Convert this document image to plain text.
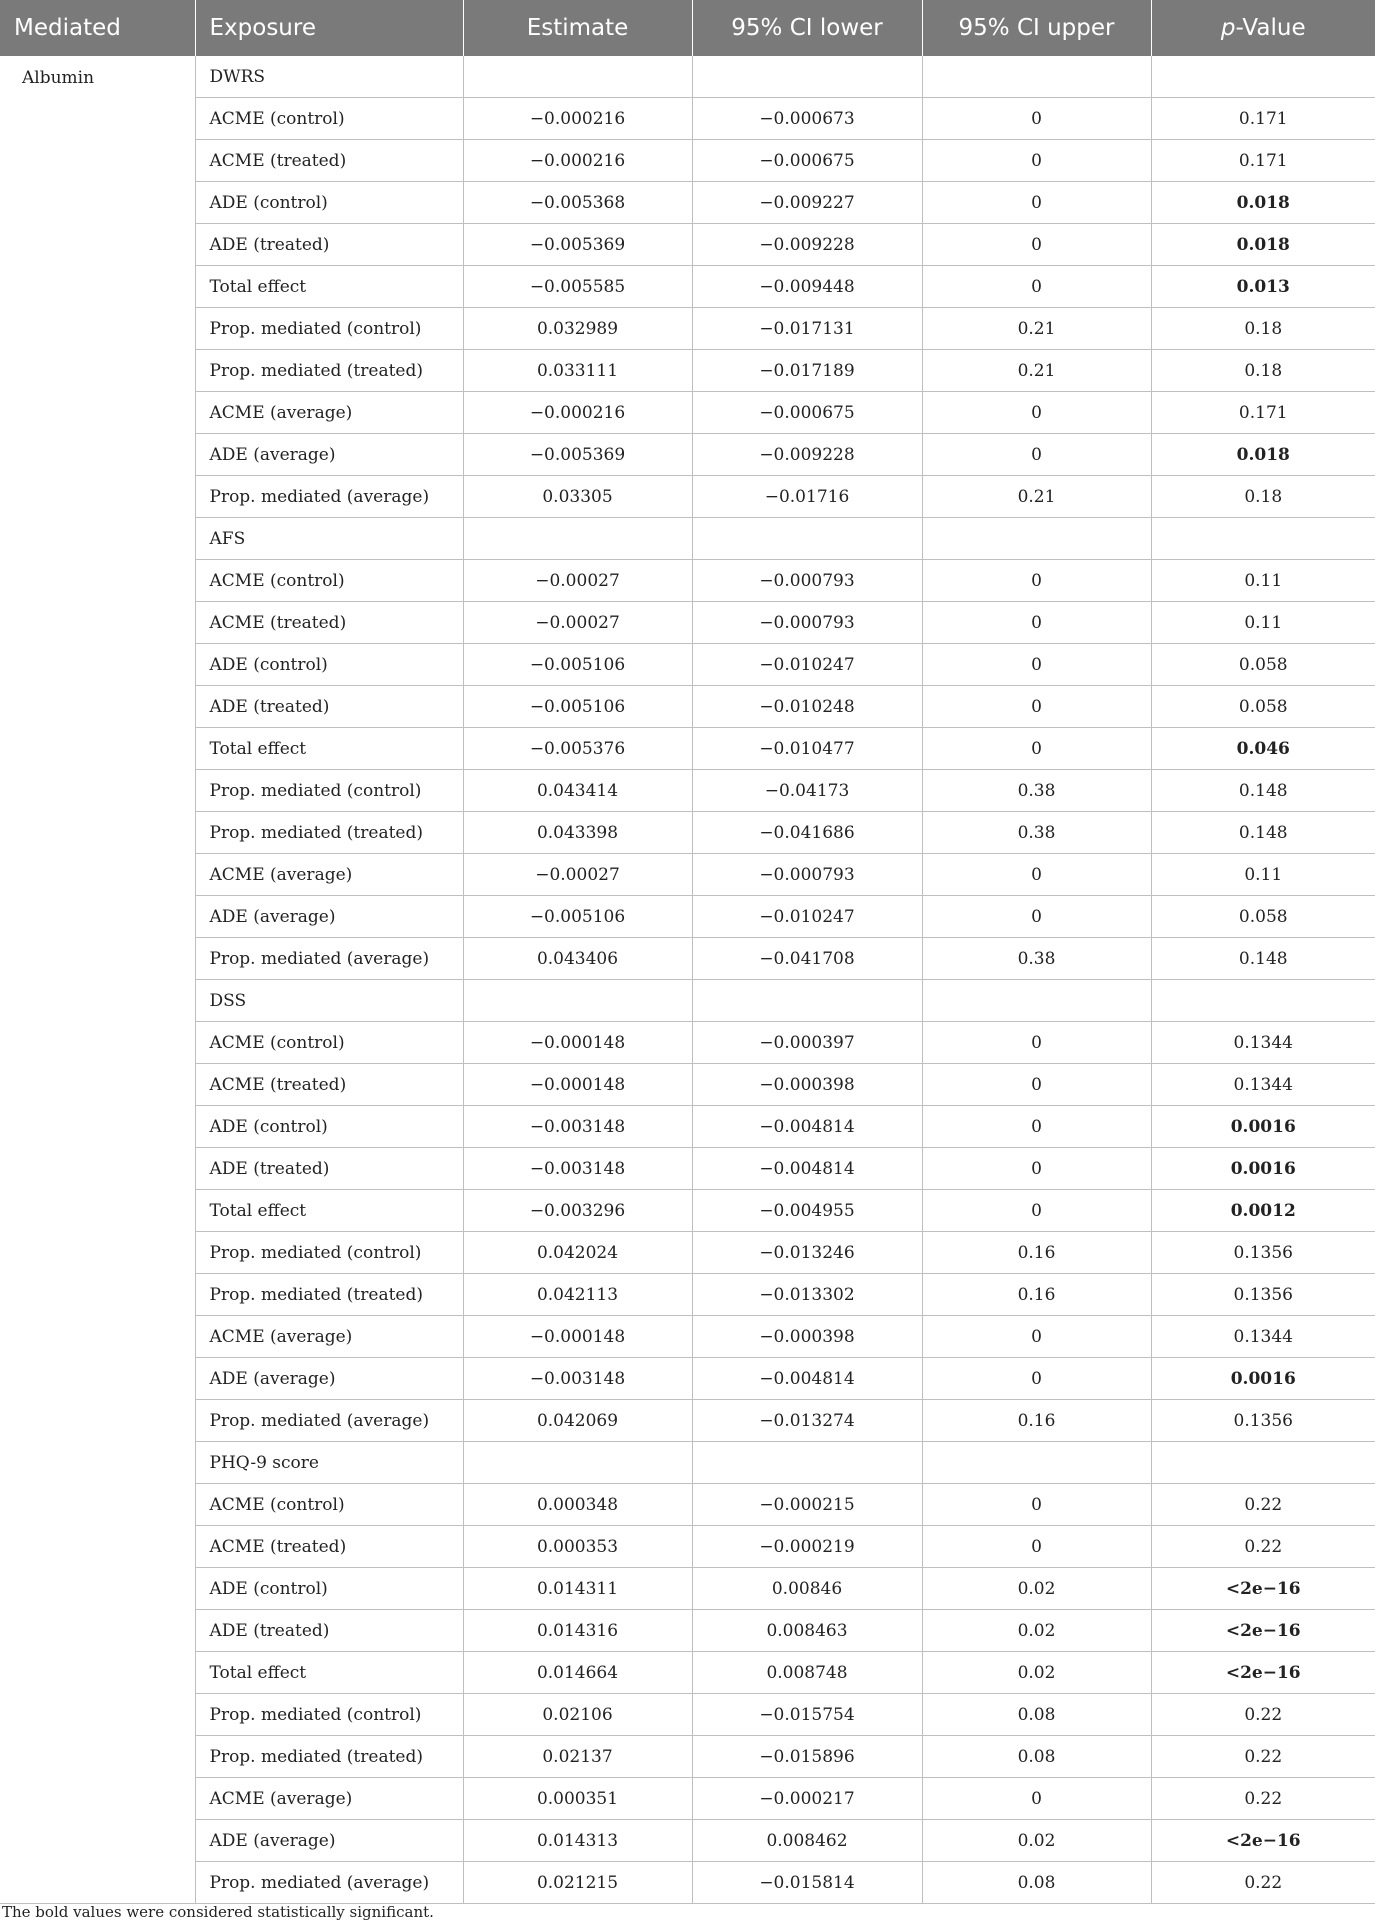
Mediated	Exposure	Estimate	95% CI lower	95% CI upper	p-Value
Albumin	DWRS				
	ACME (control)	−0.000216	−0.000673	0	0.171
	ACME (treated)	−0.000216	−0.000675	0	0.171
	ADE (control)	−0.005368	−0.009227	0	0.018
	ADE (treated)	−0.005369	−0.009228	0	0.018
	Total effect	−0.005585	−0.009448	0	0.013
	Prop. mediated (control)	0.032989	−0.017131	0.21	0.18
	Prop. mediated (treated)	0.033111	−0.017189	0.21	0.18
	ACME (average)	−0.000216	−0.000675	0	0.171
	ADE (average)	−0.005369	−0.009228	0	0.018
	Prop. mediated (average)	0.03305	−0.01716	0.21	0.18
	AFS				
	ACME (control)	−0.00027	−0.000793	0	0.11
	ACME (treated)	−0.00027	−0.000793	0	0.11
	ADE (control)	−0.005106	−0.010247	0	0.058
	ADE (treated)	−0.005106	−0.010248	0	0.058
	Total effect	−0.005376	−0.010477	0	0.046
	Prop. mediated (control)	0.043414	−0.04173	0.38	0.148
	Prop. mediated (treated)	0.043398	−0.041686	0.38	0.148
	ACME (average)	−0.00027	−0.000793	0	0.11
	ADE (average)	−0.005106	−0.010247	0	0.058
	Prop. mediated (average)	0.043406	−0.041708	0.38	0.148
	DSS				
	ACME (control)	−0.000148	−0.000397	0	0.1344
	ACME (treated)	−0.000148	−0.000398	0	0.1344
	ADE (control)	−0.003148	−0.004814	0	0.0016
	ADE (treated)	−0.003148	−0.004814	0	0.0016
	Total effect	−0.003296	−0.004955	0	0.0012
	Prop. mediated (control)	0.042024	−0.013246	0.16	0.1356
	Prop. mediated (treated)	0.042113	−0.013302	0.16	0.1356
	ACME (average)	−0.000148	−0.000398	0	0.1344
	ADE (average)	−0.003148	−0.004814	0	0.0016
	Prop. mediated (average)	0.042069	−0.013274	0.16	0.1356
	PHQ-9 score				
	ACME (control)	0.000348	−0.000215	0	0.22
	ACME (treated)	0.000353	−0.000219	0	0.22
	ADE (control)	0.014311	0.00846	0.02	<2e−16
	ADE (treated)	0.014316	0.008463	0.02	<2e−16
	Total effect	0.014664	0.008748	0.02	<2e−16
	Prop. mediated (control)	0.02106	−0.015754	0.08	0.22
	Prop. mediated (treated)	0.02137	−0.015896	0.08	0.22
	ACME (average)	0.000351	−0.000217	0	0.22
	ADE (average)	0.014313	0.008462	0.02	<2e−16
	Prop. mediated (average)	0.021215	−0.015814	0.08	0.22
The bold values were considered statistically significant.
